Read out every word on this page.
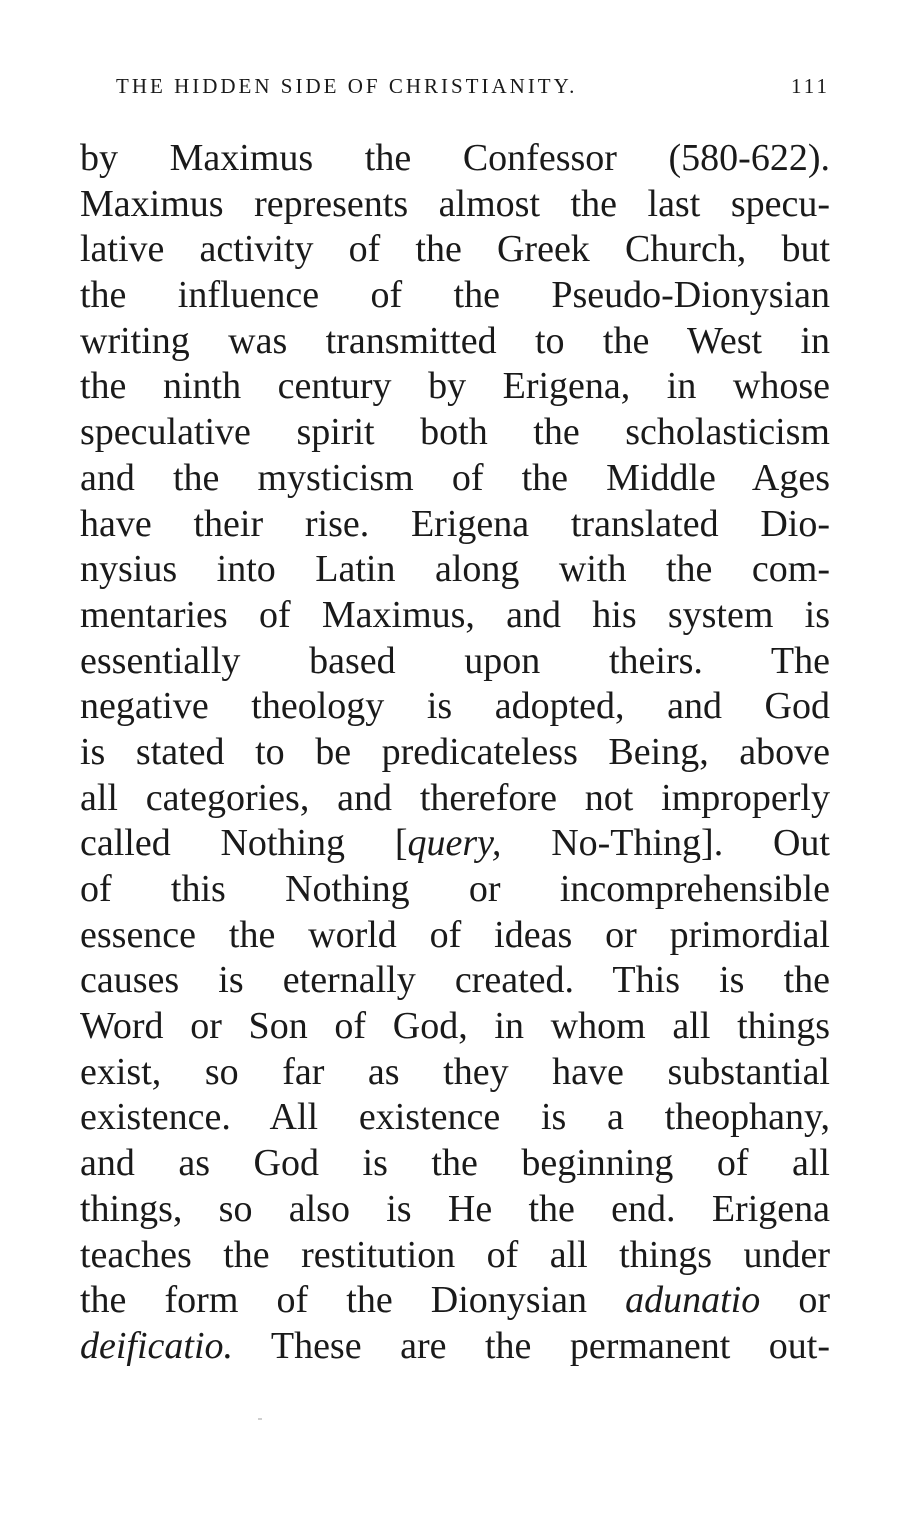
THE HIDDEN SIDE OF CHRISTIANITY.	111
by Maximus the Confessor (580-622).
Maximus represents almost the last specu-
lative activity of the Greek Church, but
the influence of the Pseudo-Dionysian
writing was transmitted to the West in
the ninth century by Erigena, in whose
speculative spirit both the scholasticism
and the mysticism of the Middle Ages
have their rise. Erigena translated Dio-
nysius into Latin along with the com-
mentaries of Maximus, and his system is
essentially based upon theirs. The
negative theology is adopted, and God
is stated to be predicateless Being, above
all categories, and therefore not improperly
called Nothing [query, No-Thing]. Out
of this Nothing or incomprehensible
essence the world of ideas or primordial
causes is eternally created. This is the
Word or Son of God, in whom all things
exist, so far as they have substantial
existence. All existence is a theophany,
and as God is the beginning of all
things, so also is He the end. Erigena
teaches the restitution of all things under
the form of the Dionysian adunatio or
deificatio. These are the permanent out-
